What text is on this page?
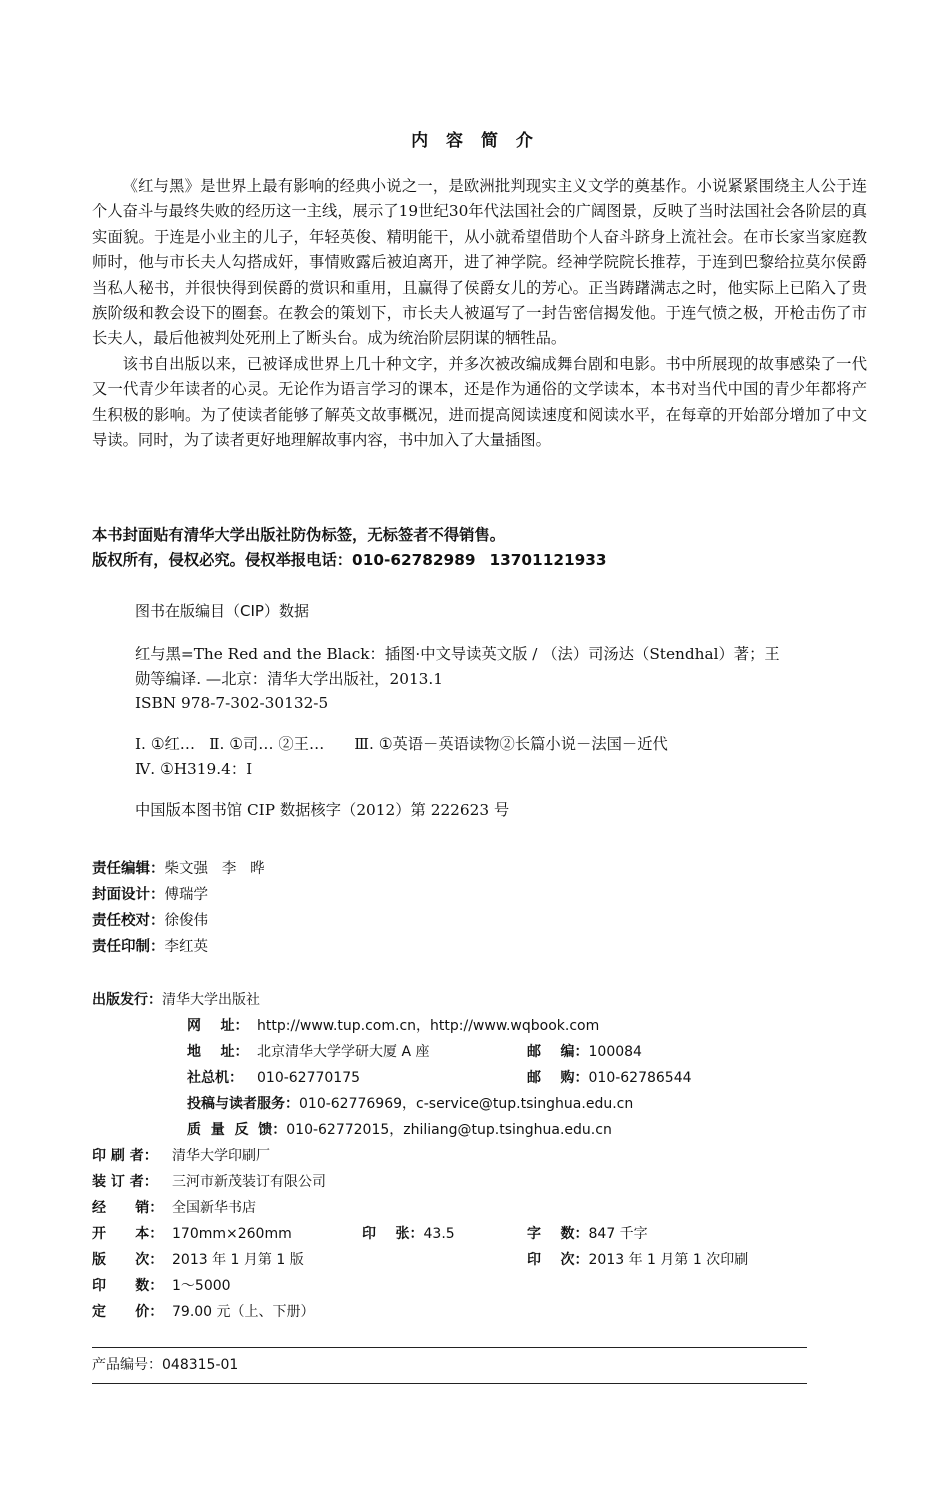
内 容 简 介

《红与黑》是世界上最有影响的经典小说之一，是欧洲批判现实主义文学的奠基作。小说紧紧围绕主人公于连个人奋斗与最终失败的经历这一主线，展示了19世纪30年代法国社会的广阔图景，反映了当时法国社会各阶层的真实面貌。于连是小业主的儿子，年轻英俊、精明能干，从小就希望借助个人奋斗跻身上流社会。在市长家当家庭教师时，他与市长夫人勾搭成奸，事情败露后被迫离开，进了神学院。经神学院院长推荐，于连到巴黎给拉莫尔侯爵当私人秘书，并很快得到侯爵的赏识和重用，且赢得了侯爵女儿的芳心。正当踌躇满志之时，他实际上已陷入了贵族阶级和教会设下的圈套。在教会的策划下，市长夫人被逼写了一封告密信揭发他。于连气愤之极，开枪击伤了市长夫人，最后他被判处死刑上了断头台。成为统治阶层阴谋的牺牲品。

该书自出版以来，已被译成世界上几十种文字，并多次被改编成舞台剧和电影。书中所展现的故事感染了一代又一代青少年读者的心灵。无论作为语言学习的课本，还是作为通俗的文学读本，本书对当代中国的青少年都将产生积极的影响。为了使读者能够了解英文故事概况，进而提高阅读速度和阅读水平，在每章的开始部分增加了中文导读。同时，为了读者更好地理解故事内容，书中加入了大量插图。

本书封面贴有清华大学出版社防伪标签，无标签者不得销售。
版权所有，侵权必究。侵权举报电话：010-62782989 13701121933
图书在版编目（CIP）数据
红与黑=The Red and the Black：插图·中文导读英文版 / （法）司汤达（Stendhal）著；王
勋等编译. —北京：清华大学出版社，2013.1
ISBN 978-7-302-30132-5
Ⅰ. ①红… Ⅱ. ①司… ②王… Ⅲ. ①英语－英语读物②长篇小说－法国－近代
Ⅳ. ①H319.4：Ⅰ
中国版本图书馆 CIP 数据核字（2012）第 222623 号
责任编辑：柴文强   李   晔
封面设计：傅瑞学
责任校对：徐俊伟
责任印制：李红英
出版发行：清华大学出版社
网    址： http://www.tup.com.cn，http://www.wqbook.com
地    址： 北京清华大学学研大厦 A 座	邮    编：100084
社总机： 010-62770175	邮    购：010-62786544
投稿与读者服务：010-62776969，c-service@tup.tsinghua.edu.cn
质  量  反  馈：010-62772015，zhiliang@tup.tsinghua.edu.cn
印 刷 者： 清华大学印刷厂
装 订 者： 三河市新茂装订有限公司
经      销： 全国新华书店
开      本： 170mm×260mm	印    张：43.5	字    数：847 千字
版      次： 2013 年 1 月第 1 版	印    次：2013 年 1 月第 1 次印刷
印      数： 1～5000
定      价： 79.00 元（上、下册）
产品编号：048315-01
